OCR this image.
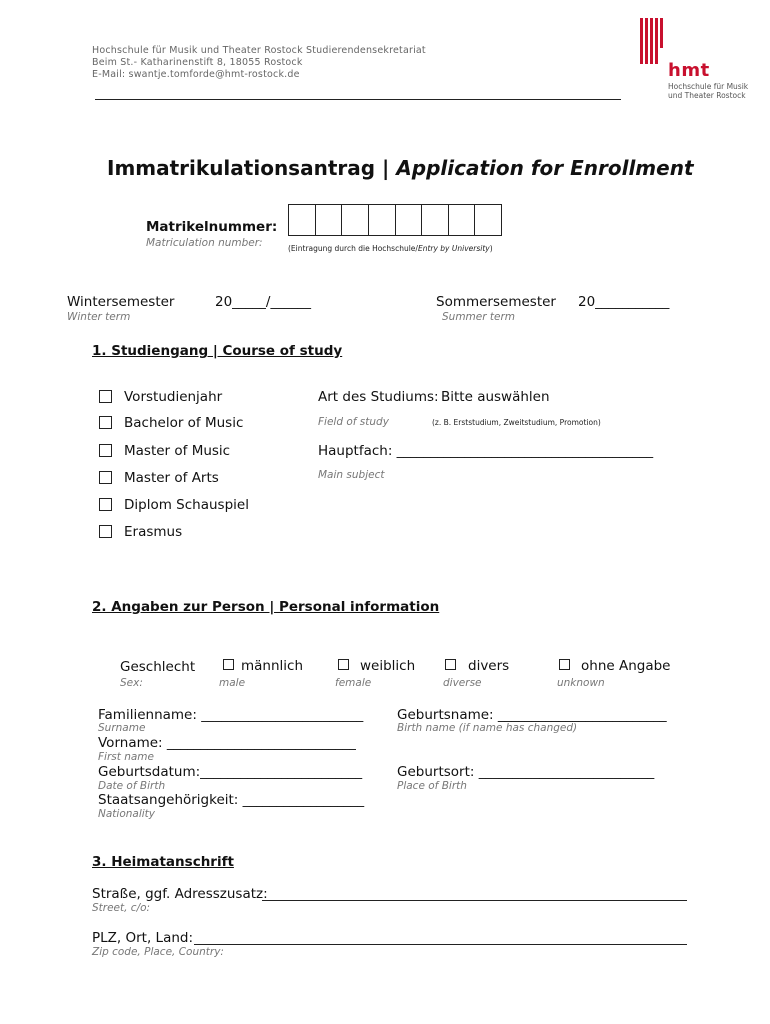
Hochschule für Musik und Theater Rostock Studierendensekretariat
Beim St.- Katharinenstift 8, 18055 Rostock
E-Mail: swantje.tomforde@hmt-rostock.de	hmt
Hochschule für Musik
und Theater Rostock
Immatrikulationsantrag | Application for Enrollment
Matrikelnummer:
Matriculation number:	(Eintragung durch die Hochschule/Entry by University)
Wintersemester
Winter term
20_____/______	Sommersemester
Summer term
20___________
1. Studiengang | Course of study
Vorstudienjahr
Bachelor of Music
Master of Music
Master of Arts
Diplom Schauspiel
Erasmus
Art des Studiums: Bitte auswählen
Field of study	(z. B. Erststudium, Zweitstudium, Promotion)
Hauptfach: ______________________________________
Main subject
2. Angaben zur Person | Personal information
Geschlecht
Sex:
männlich
male
weiblich
female
divers
diverse
ohne Angabe
unknown
Familienname: ________________________
Surname
Vorname: ____________________________
First name
Geburtsdatum:________________________
Date of Birth
Staatsangehörigkeit: __________________
Nationality
Geburtsname: _________________________
Birth name (if name has changed)
Geburtsort: __________________________
Place of Birth
3. Heimatanschrift
Straße, ggf. Adresszusatz:
Street, c/o:
PLZ, Ort, Land:
Zip code, Place, Country:
